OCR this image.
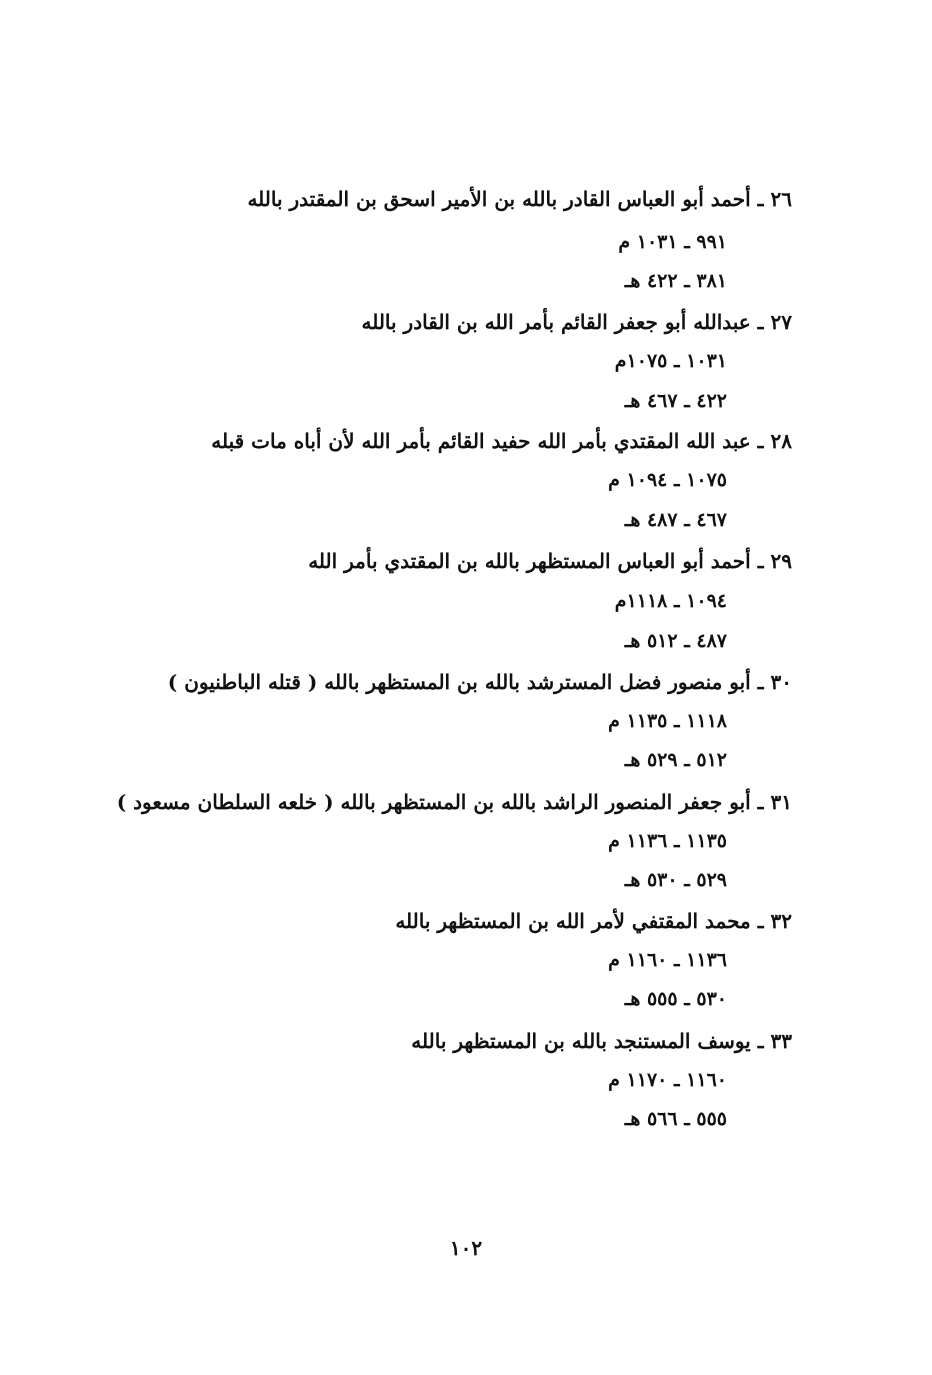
٢٦ ـ أحمد أبو العباس القادر بالله بن الأمير اسحق بن المقتدر بالله
٩٩١ ـ ١٠٣١ م
٣٨١ ـ ٤٢٢ هـ
٢٧ ـ عبدالله أبو جعفر القائم بأمر الله بن القادر بالله
١٠٣١ ـ ١٠٧٥م
٤٢٢ ـ ٤٦٧ هـ
٢٨ ـ عبد الله المقتدي بأمر الله حفيد القائم بأمر الله لأن أباه مات قبله
١٠٧٥ ـ ١٠٩٤ م
٤٦٧ ـ ٤٨٧ هـ
٢٩ ـ أحمد أبو العباس المستظهر بالله بن المقتدي بأمر الله
١٠٩٤ ـ ١١١٨م
٤٨٧ ـ ٥١٢ هـ
٣٠ ـ أبو منصور فضل المسترشد بالله بن المستظهر بالله ( قتله الباطنيون )
١١١٨ ـ ١١٣٥ م
٥١٢ ـ ٥٢٩ هـ
٣١ ـ أبو جعفر المنصور الراشد بالله بن المستظهر بالله ( خلعه السلطان مسعود )
١١٣٥ ـ ١١٣٦ م
٥٢٩ ـ ٥٣٠ هـ
٣٢ ـ محمد المقتفي لأمر الله بن المستظهر بالله
١١٣٦ ـ ١١٦٠ م
٥٣٠ ـ ٥٥٥ هـ
٣٣ ـ يوسف المستنجد بالله بن المستظهر بالله
١١٦٠ ـ ١١٧٠ م
٥٥٥ ـ ٥٦٦ هـ
١٠٢
